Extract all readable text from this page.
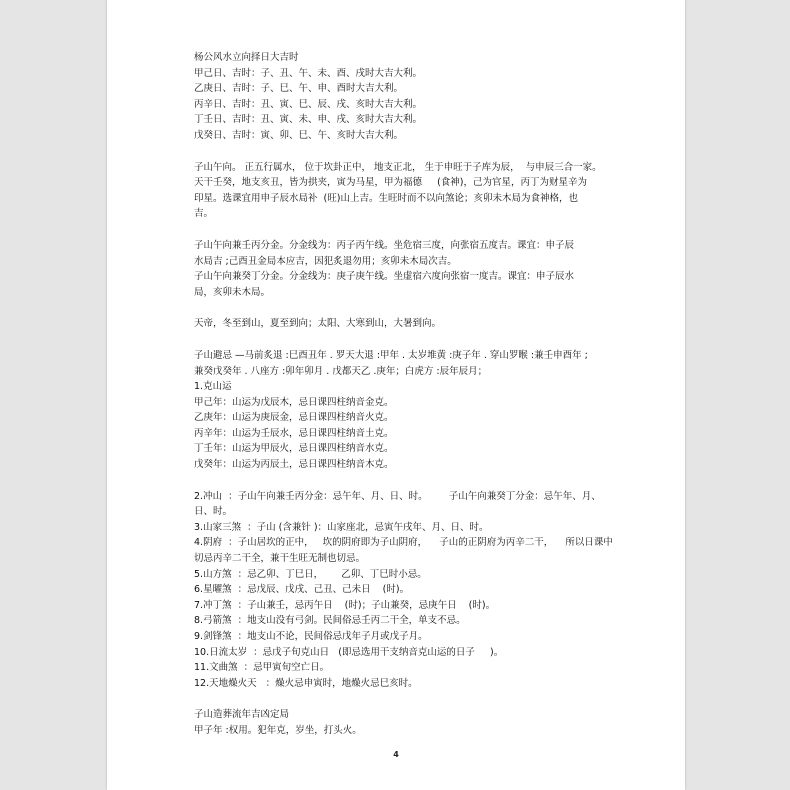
杨公风水立向择日大吉时
甲己日、吉时：子、丑、午、未、酉、戌时大吉大利。
乙庚日、吉时：子、巳、午、申、酉时大吉大利。
丙辛日、吉时：丑、寅、巳、辰、戌、亥时大吉大利。
丁壬日、吉时：丑、寅、未、申、戌、亥时大吉大利。
戊癸日、吉时：寅、卯、巳、午、亥时大吉大利。
子山午向。 正五行属水， 位于坎卦正中， 地支正北， 生于申旺于子库为辰，  与申辰三合一家。
天干壬癸，地支亥丑，皆为拱夹，寅为马星，甲为福德     (食神)，己为官星，丙丁为财星辛为
印星。选课宜用申子辰水局补  (旺)山上吉。生旺时而不以向煞论；亥卯未木局为食神格，也
吉。
子山午向兼壬丙分金。分金线为：丙子丙午线。坐危宿三度，向张宿五度吉。课宜：申子辰
水局吉 ;己酉丑金局本应吉，因犯炙退勿用；亥卯未木局次吉。
子山午向兼癸丁分金。分金线为：庚子庚午线。坐虚宿六度向张宿一度吉。课宜：申子辰水
局，亥卯未木局。
天帝，冬至到山，夏至到向；太阳、大寒到山，大暑到向。
子山避忌 —马前炙退 :巳酉丑年 . 罗天大退 :甲年 . 太岁堆黄 :庚子年 . 穿山罗睺 :兼壬申酉年 ;
兼癸戊癸年 . 八座方 :卯年卯月 . 戊都天乙 .庚年；白虎方 :辰年辰月；
1.克山运
甲己年：山运为戊辰木，忌日课四柱纳音金克。
乙庚年：山运为庚辰金，忌日课四柱纳音火克。
丙辛年：山运为壬辰水，忌日课四柱纳音土克。
丁壬年：山运为甲辰火，忌日课四柱纳音水克。
戊癸年：山运为丙辰土，忌日课四柱纳音木克。
2.冲山  ：子山午向兼壬丙分金：忌午年、月、日、时。       子山午向兼癸丁分金：忌午年、月、
日、时。
3.山家三煞  ：子山 (含兼针 )：山家座北，忌寅午戌年、月、日、时。
4.阴府  ：子山居坎的正中，   坎的阴府即为子山阴府，    子山的正阴府为丙辛二干，    所以日课中
切忌丙辛二干全，兼干生旺无制也切忌。
5.山方煞  ：忌乙卯、丁巳日，      乙卯、丁巳时小忌。
6.星曜煞  ：忌戊辰、戊戌、己丑、己未日    (时)。
7.冲丁煞  ：子山兼壬，忌丙午日    (时)；子山兼癸，忌庚午日    (时)。
8.弓箭煞  ：地支山没有弓剑。民间俗忌壬丙二干全，单支不忌。
9.剑锋煞  ：地支山不论，民间俗忌戊年子月或戊子月。
10.日流太岁  ：忌戊子旬克山日   (即忌选用干支纳音克山运的日子     )。
11.文曲煞  ：忌甲寅旬空亡日。
12.天地燥火天   ：燥火忌申寅时，地燥火忌巳亥时。
子山造葬流年吉凶定局
甲子年 :权用。犯年克，岁坐，打头火。
4
